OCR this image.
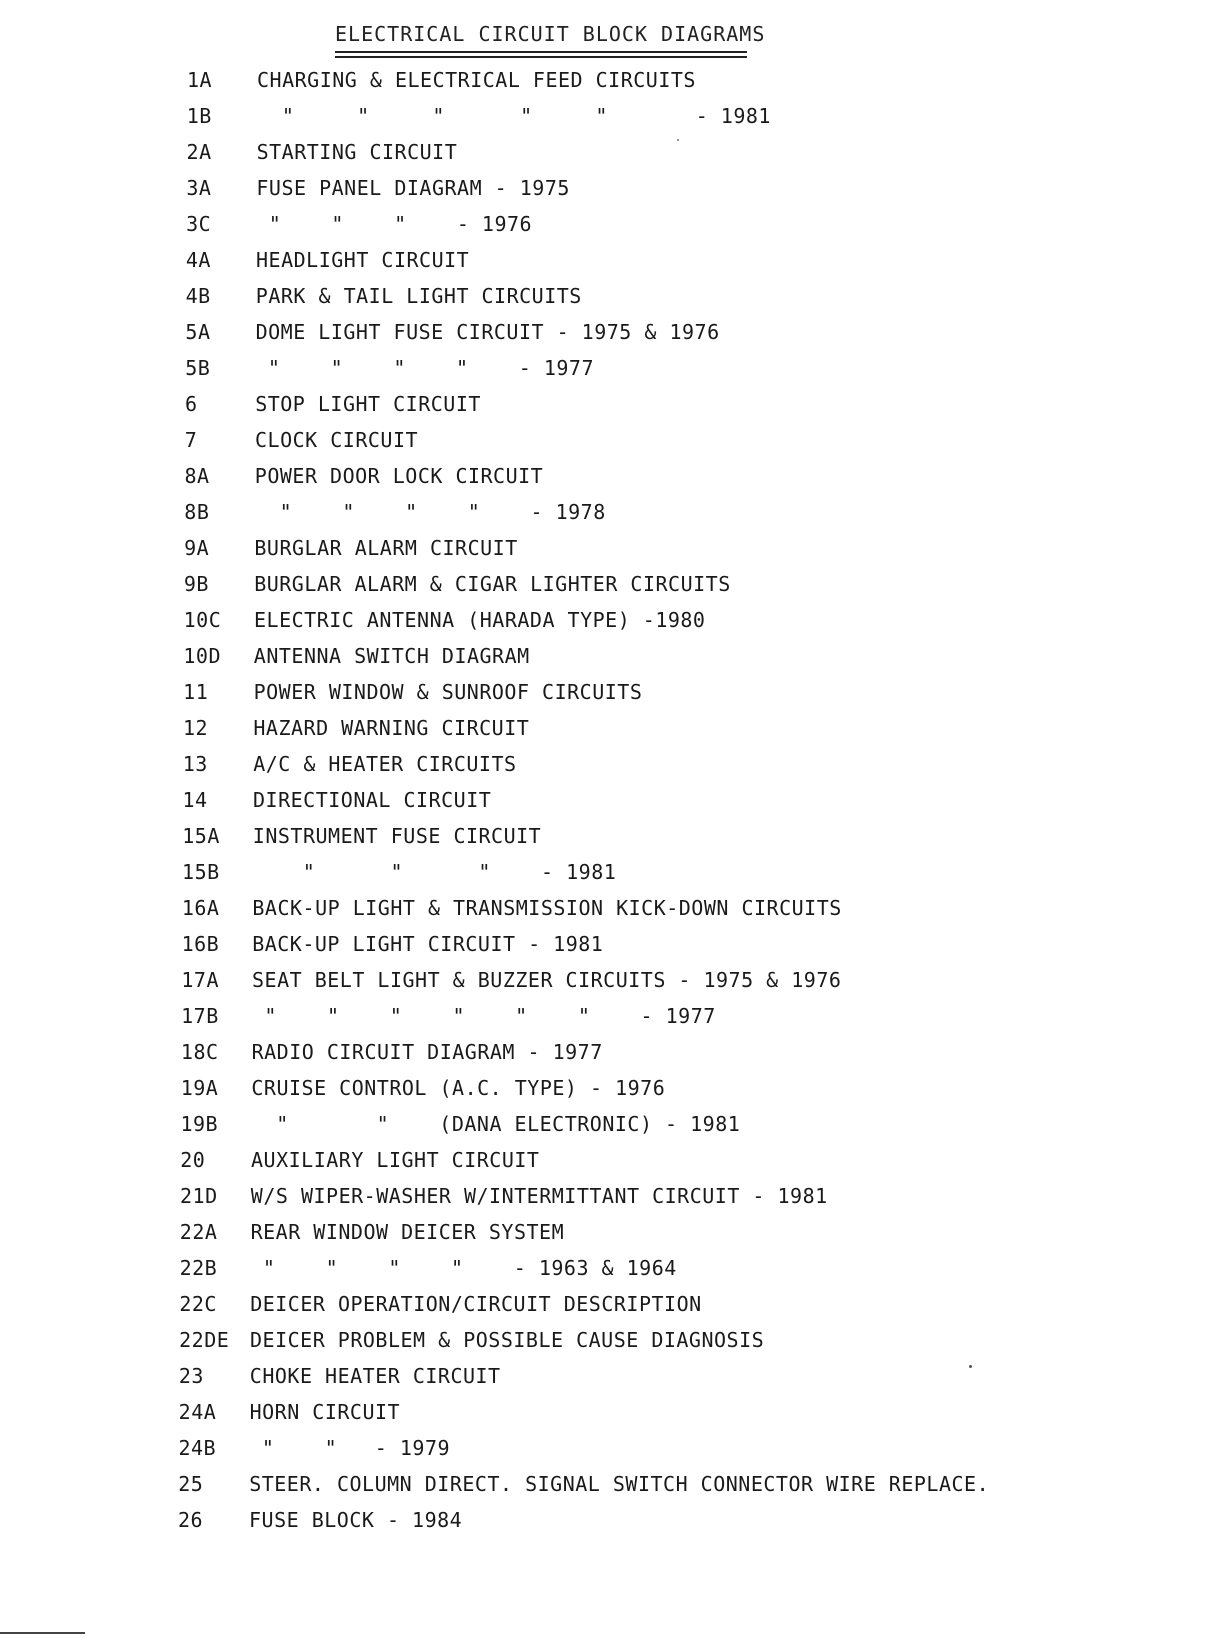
ELECTRICAL CIRCUIT BLOCK DIAGRAMS
1A CHARGING & ELECTRICAL FEED CIRCUITS
1B "     "     "      "     "       - 1981
2A STARTING CIRCUIT
3A FUSE PANEL DIAGRAM - 1975
3C "    "    "    - 1976
4A HEADLIGHT CIRCUIT
4B PARK & TAIL LIGHT CIRCUITS
5A DOME LIGHT FUSE CIRCUIT - 1975 & 1976
5B "    "    "    "    - 1977
6	STOP LIGHT CIRCUIT
7	CLOCK CIRCUIT
8A POWER DOOR LOCK CIRCUIT
8B "    "    "    "    - 1978
9A BURGLAR ALARM CIRCUIT
9B BURGLAR ALARM & CIGAR LIGHTER CIRCUITS
10C ELECTRIC ANTENNA (HARADA TYPE) -1980
10D ANTENNA SWITCH DIAGRAM
11 POWER WINDOW & SUNROOF CIRCUITS
12 HAZARD WARNING CIRCUIT
13 A/C & HEATER CIRCUITS
14 DIRECTIONAL CIRCUIT
15A INSTRUMENT FUSE CIRCUIT
15B "      "      "    - 1981
16A BACK-UP LIGHT & TRANSMISSION KICK-DOWN CIRCUITS
16B BACK-UP LIGHT CIRCUIT - 1981
17A SEAT BELT LIGHT & BUZZER CIRCUITS - 1975 & 1976
17B "    "    "    "    "    "    - 1977
18C RADIO CIRCUIT DIAGRAM - 1977
19A CRUISE CONTROL (A.C. TYPE) - 1976
19B "       "    (DANA ELECTRONIC) - 1981
20 AUXILIARY LIGHT CIRCUIT
21D W/S WIPER-WASHER W/INTERMITTANT CIRCUIT - 1981
22A REAR WINDOW DEICER SYSTEM
22B "    "    "    "    - 1963 & 1964
22C DEICER OPERATION/CIRCUIT DESCRIPTION
22DE DEICER PROBLEM & POSSIBLE CAUSE DIAGNOSIS
23 CHOKE HEATER CIRCUIT
24A HORN CIRCUIT
24B "    "   - 1979
25 STEER. COLUMN DIRECT. SIGNAL SWITCH CONNECTOR WIRE REPLACE.
26 FUSE BLOCK - 1984
